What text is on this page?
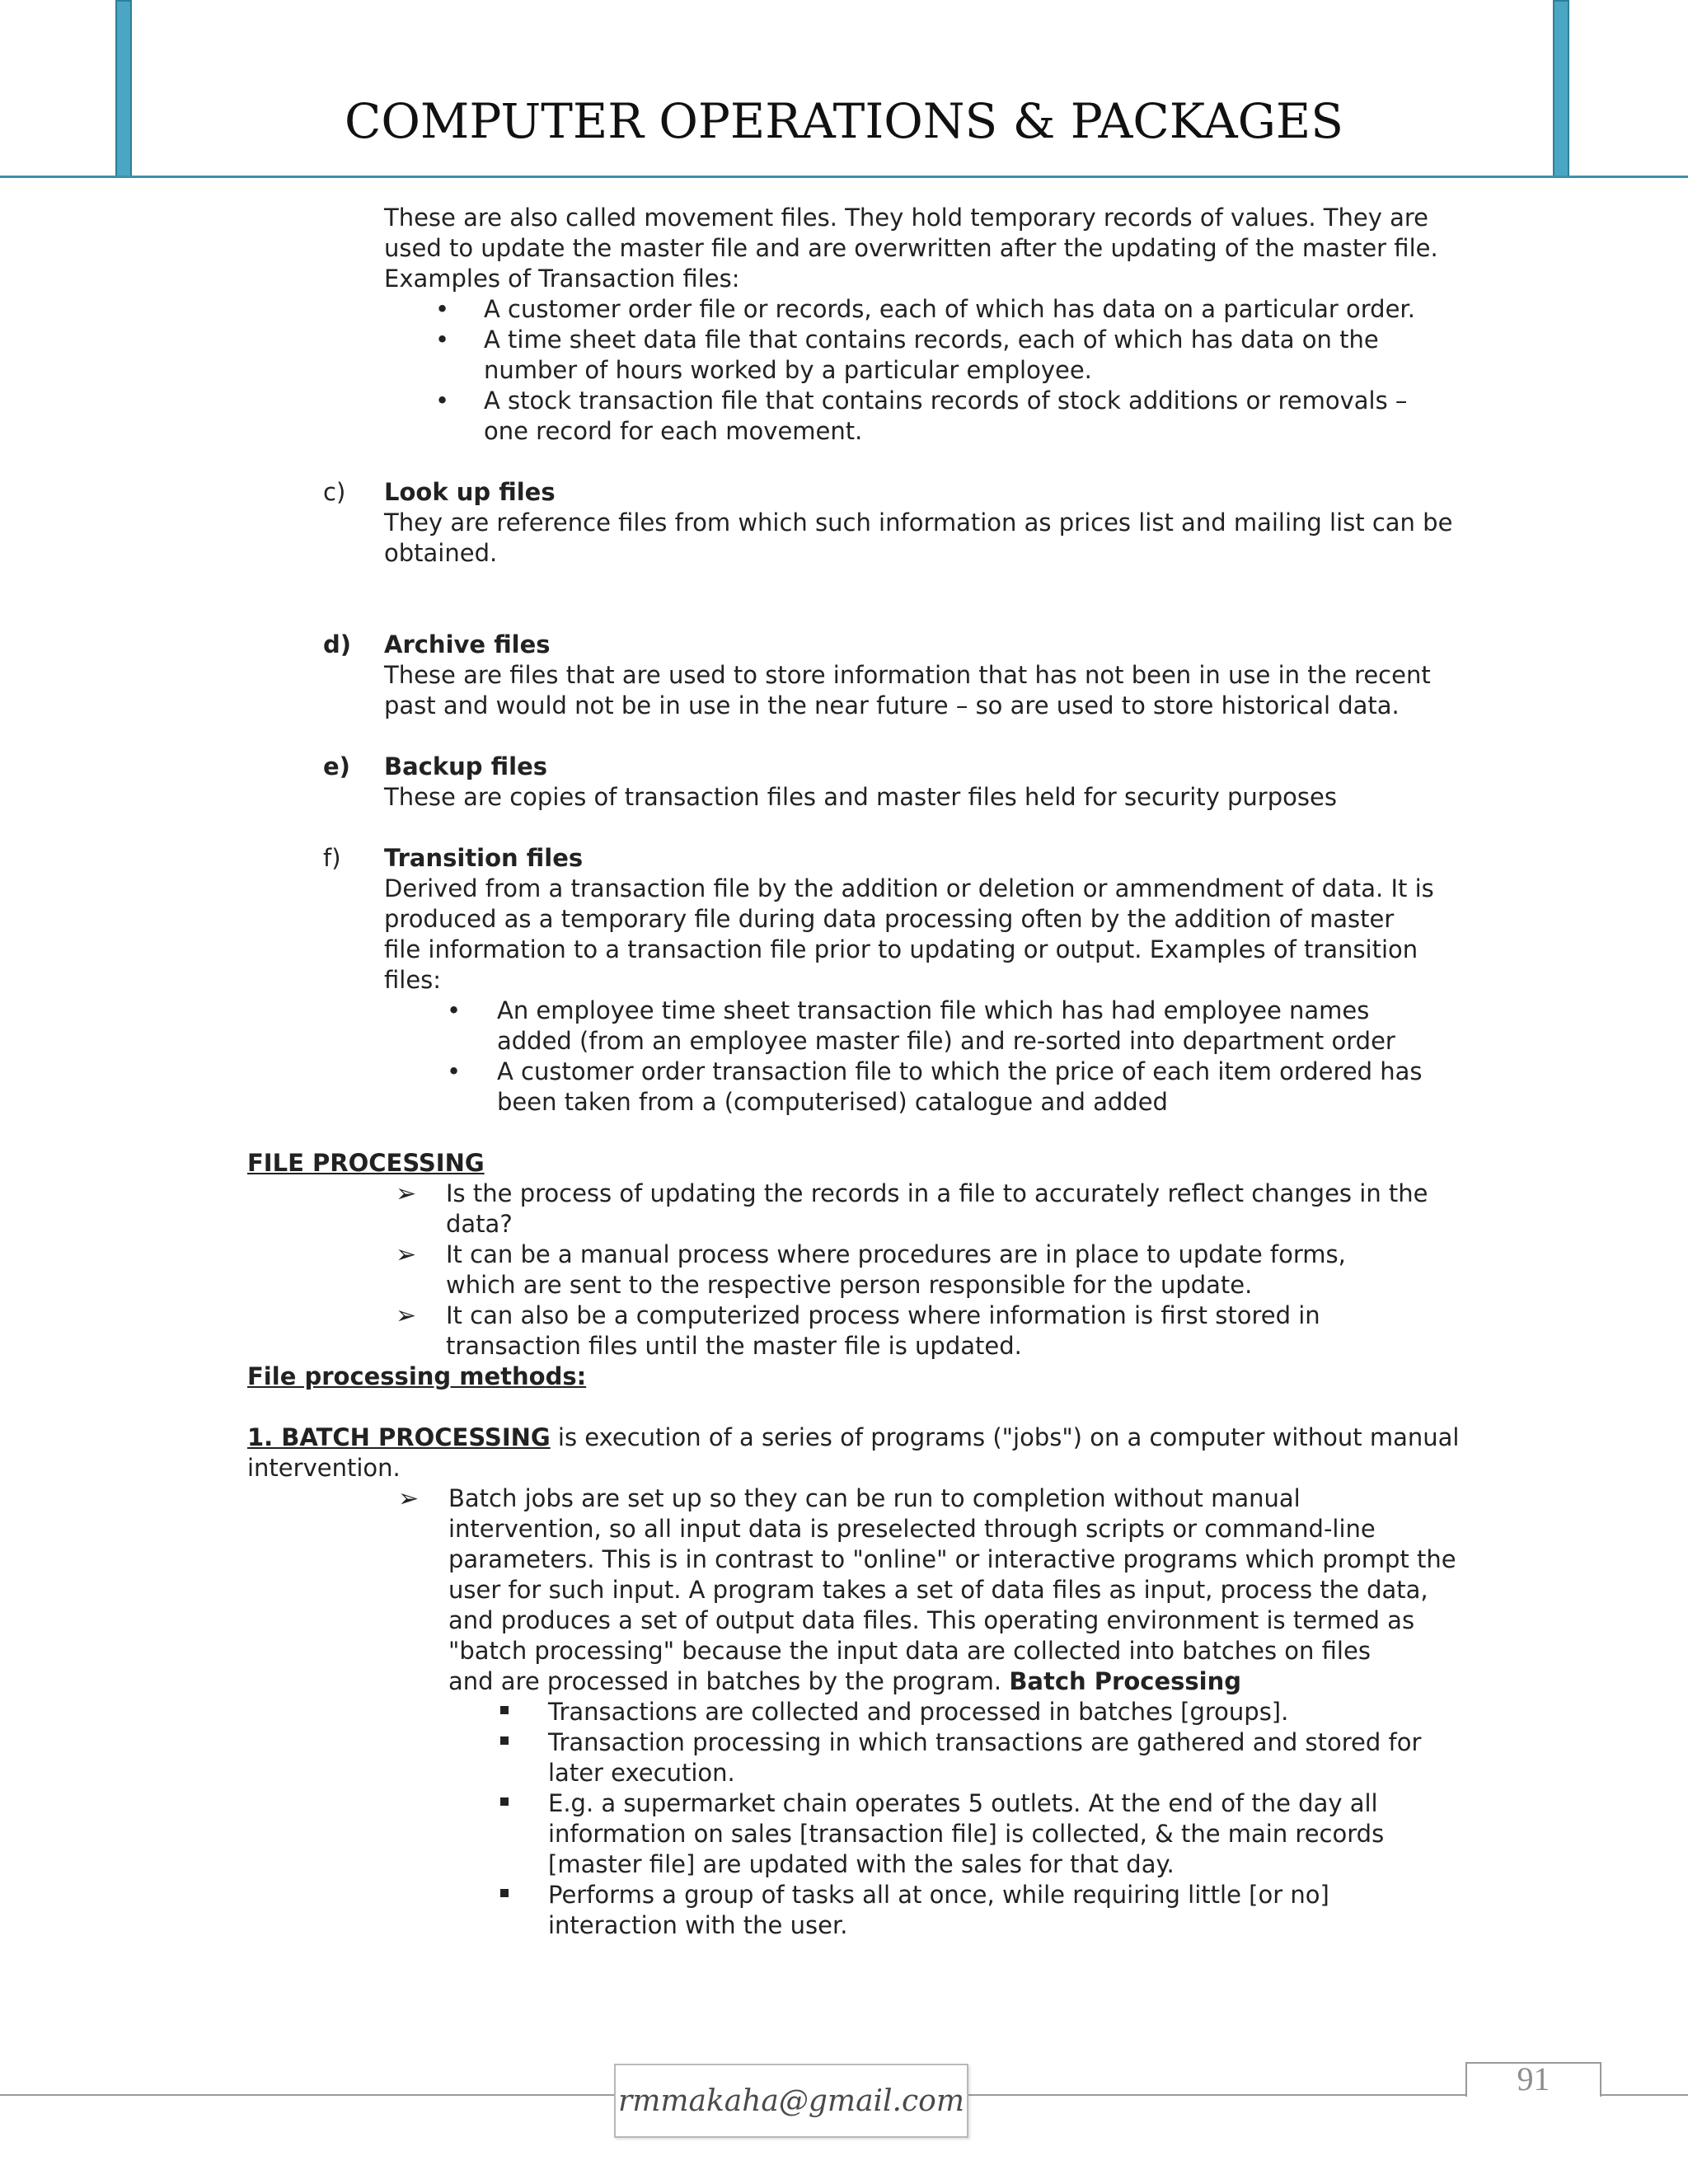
COMPUTER OPERATIONS & PACKAGES
These are also called movement files. They hold temporary records of values. They are
used to update the master file and are overwritten after the updating of the master file.
Examples of Transaction files:
• A customer order file or records, each of which has data on a particular order.
• A time sheet data file that contains records, each of which has data on the
number of hours worked by a particular employee.
• A stock transaction file that contains records of stock additions or removals –
one record for each movement.
c) Look up files
They are reference files from which such information as prices list and mailing list can be
obtained.
d) Archive files
These are files that are used to store information that has not been in use in the recent
past and would not be in use in the near future – so are used to store historical data.
e) Backup files
These are copies of transaction files and master files held for security purposes
f) Transition files
Derived from a transaction file by the addition or deletion or ammendment of data. It is
produced as a temporary file during data processing often by the addition of master
file information to a transaction file prior to updating or output. Examples of transition
files:
• An employee time sheet transaction file which has had employee names
added (from an employee master file) and re-sorted into department order
• A customer order transaction file to which the price of each item ordered has
been taken from a (computerised) catalogue and added
FILE PROCESSING
➢ Is the process of updating the records in a file to accurately reflect changes in the
data?
➢ It can be a manual process where procedures are in place to update forms,
which are sent to the respective person responsible for the update.
➢ It can also be a computerized process where information is first stored in
transaction files until the master file is updated.
File processing methods:
1. BATCH PROCESSING is execution of a series of programs ("jobs") on a computer without manual
intervention.
➢ Batch jobs are set up so they can be run to completion without manual
intervention, so all input data is preselected through scripts or command-line
parameters. This is in contrast to "online" or interactive programs which prompt the
user for such input. A program takes a set of data files as input, process the data,
and produces a set of output data files. This operating environment is termed as
"batch processing" because the input data are collected into batches on files
and are processed in batches by the program. Batch Processing
Transactions are collected and processed in batches [groups].
Transaction processing in which transactions are gathered and stored for
later execution.
E.g. a supermarket chain operates 5 outlets. At the end of the day all
information on sales [transaction file] is collected, & the main records
[master file] are updated with the sales for that day.
Performs a group of tasks all at once, while requiring little [or no]
interaction with the user.
rmmakaha@gmail.com
91
